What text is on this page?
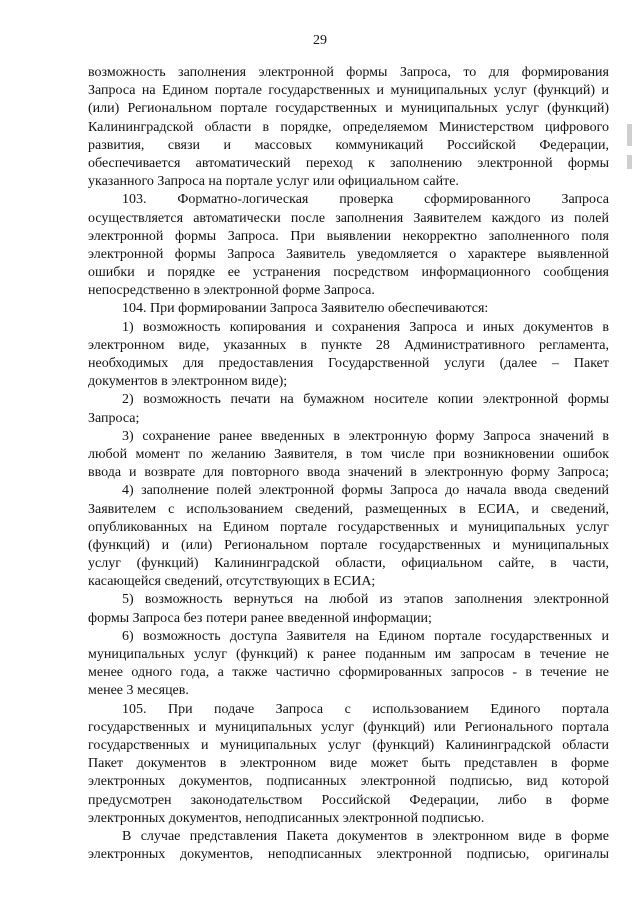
29
возможность заполнения электронной формы Запроса, то для формирования
Запроса на Едином портале государственных и муниципальных услуг (функций) и
(или) Региональном портале государственных и муниципальных услуг (функций)
Калининградской области в порядке, определяемом Министерством цифрового
развития, связи и массовых коммуникаций Российской Федерации,
обеспечивается автоматический переход к заполнению электронной формы
указанного Запроса на портале услуг или официальном сайте.
103. Форматно-логическая проверка сформированного Запроса
осуществляется автоматически после заполнения Заявителем каждого из полей
электронной формы Запроса. При выявлении некорректно заполненного поля
электронной формы Запроса Заявитель уведомляется о характере выявленной
ошибки и порядке ее устранения посредством информационного сообщения
непосредственно в электронной форме Запроса.
104. При формировании Запроса Заявителю обеспечиваются:
1) возможность копирования и сохранения Запроса и иных документов в
электронном виде, указанных в пункте 28 Административного регламента,
необходимых для предоставления Государственной услуги (далее – Пакет
документов в электронном виде);
2) возможность печати на бумажном носителе копии электронной формы
Запроса;
3) сохранение ранее введенных в электронную форму Запроса значений в
любой момент по желанию Заявителя, в том числе при возникновении ошибок
ввода и возврате для повторного ввода значений в электронную форму Запроса;
4) заполнение полей электронной формы Запроса до начала ввода сведений
Заявителем с использованием сведений, размещенных в ЕСИА, и сведений,
опубликованных на Едином портале государственных и муниципальных услуг
(функций) и (или) Региональном портале государственных и муниципальных
услуг (функций) Калининградской области, официальном сайте, в части,
касающейся сведений, отсутствующих в ЕСИА;
5) возможность вернуться на любой из этапов заполнения электронной
формы Запроса без потери ранее введенной информации;
6) возможность доступа Заявителя на Едином портале государственных и
муниципальных услуг (функций) к ранее поданным им запросам в течение не
менее одного года, а также частично сформированных запросов - в течение не
менее 3 месяцев.
105. При подаче Запроса с использованием Единого портала
государственных и муниципальных услуг (функций) или Регионального портала
государственных и муниципальных услуг (функций) Калининградской области
Пакет документов в электронном виде может быть представлен в форме
электронных документов, подписанных электронной подписью, вид которой
предусмотрен законодательством Российской Федерации, либо в форме
электронных документов, неподписанных электронной подписью.
В случае представления Пакета документов в электронном виде в форме
электронных документов, неподписанных электронной подписью, оригиналы
